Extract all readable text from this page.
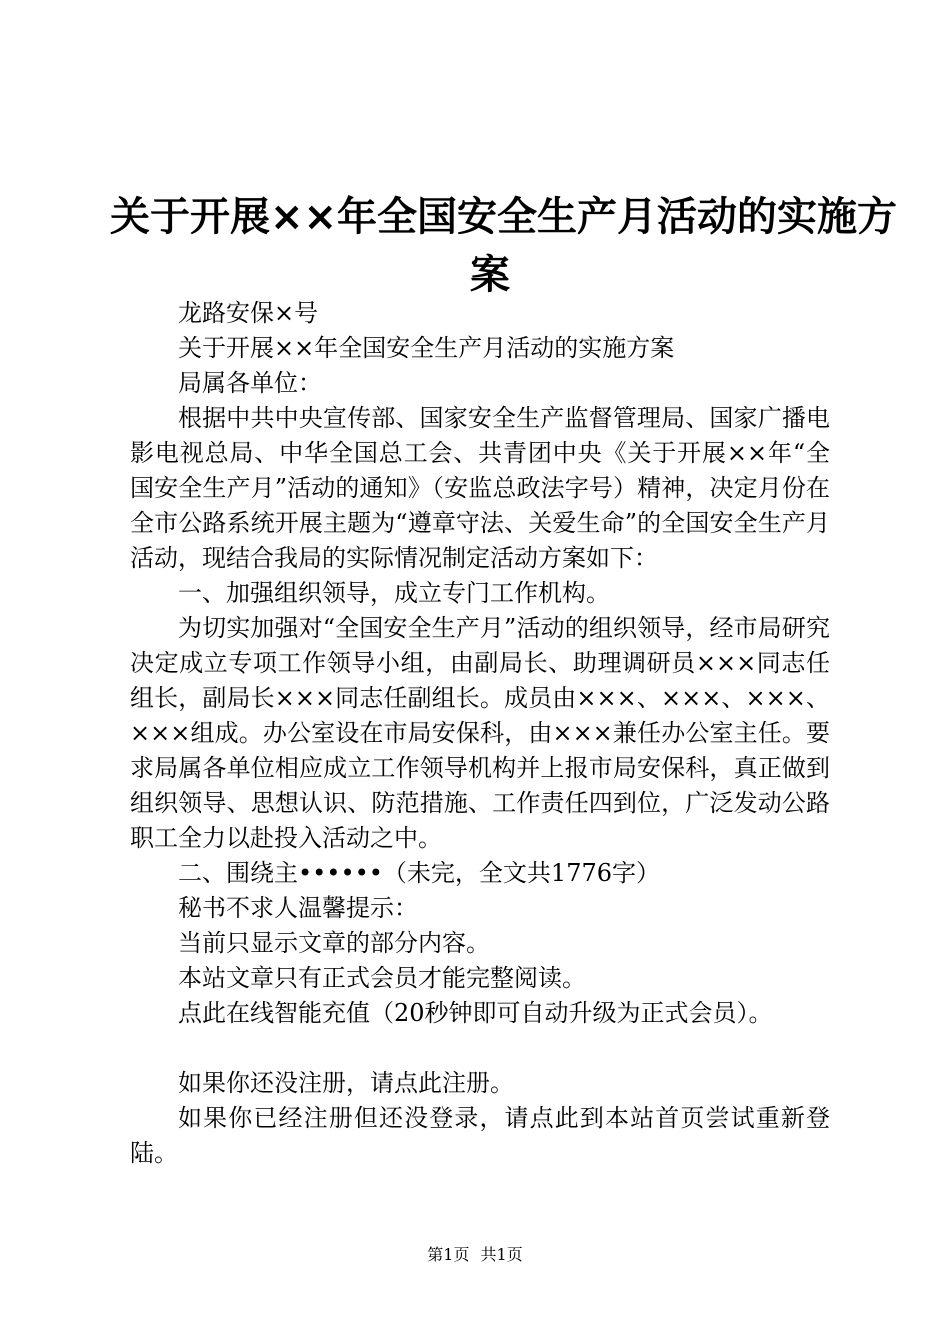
关于开展××年全国安全生产月活动的实施方
案

龙路安保×号

关于开展××年全国安全生产月活动的实施方案

局属各单位：

根据中共中央宣传部、国家安全生产监督管理局、国家广播电影电视总局、中华全国总工会、共青团中央《关于开展××年“全国安全生产月”活动的通知》（安监总政法字号）精神，决定月份在全市公路系统开展主题为“遵章守法、关爱生命”的全国安全生产月活动，现结合我局的实际情况制定活动方案如下：

一、加强组织领导，成立专门工作机构。

为切实加强对“全国安全生产月”活动的组织领导，经市局研究决定成立专项工作领导小组，由副局长、助理调研员×××同志任组长，副局长×××同志任副组长。成员由×××、×××、×××、×××组成。办公室设在市局安保科，由×××兼任办公室主任。要求局属各单位相应成立工作领导机构并上报市局安保科，真正做到组织领导、思想认识、防范措施、工作责任四到位，广泛发动公路职工全力以赴投入活动之中。

二、围绕主••••••（未完，全文共1776字）

秘书不求人温馨提示：

当前只显示文章的部分内容。

本站文章只有正式会员才能完整阅读。

点此在线智能充值（20秒钟即可自动升级为正式会员）。

如果你还没注册，请点此注册。

如果你已经注册但还没登录，请点此到本站首页尝试重新登陆。

第1页 共1页
